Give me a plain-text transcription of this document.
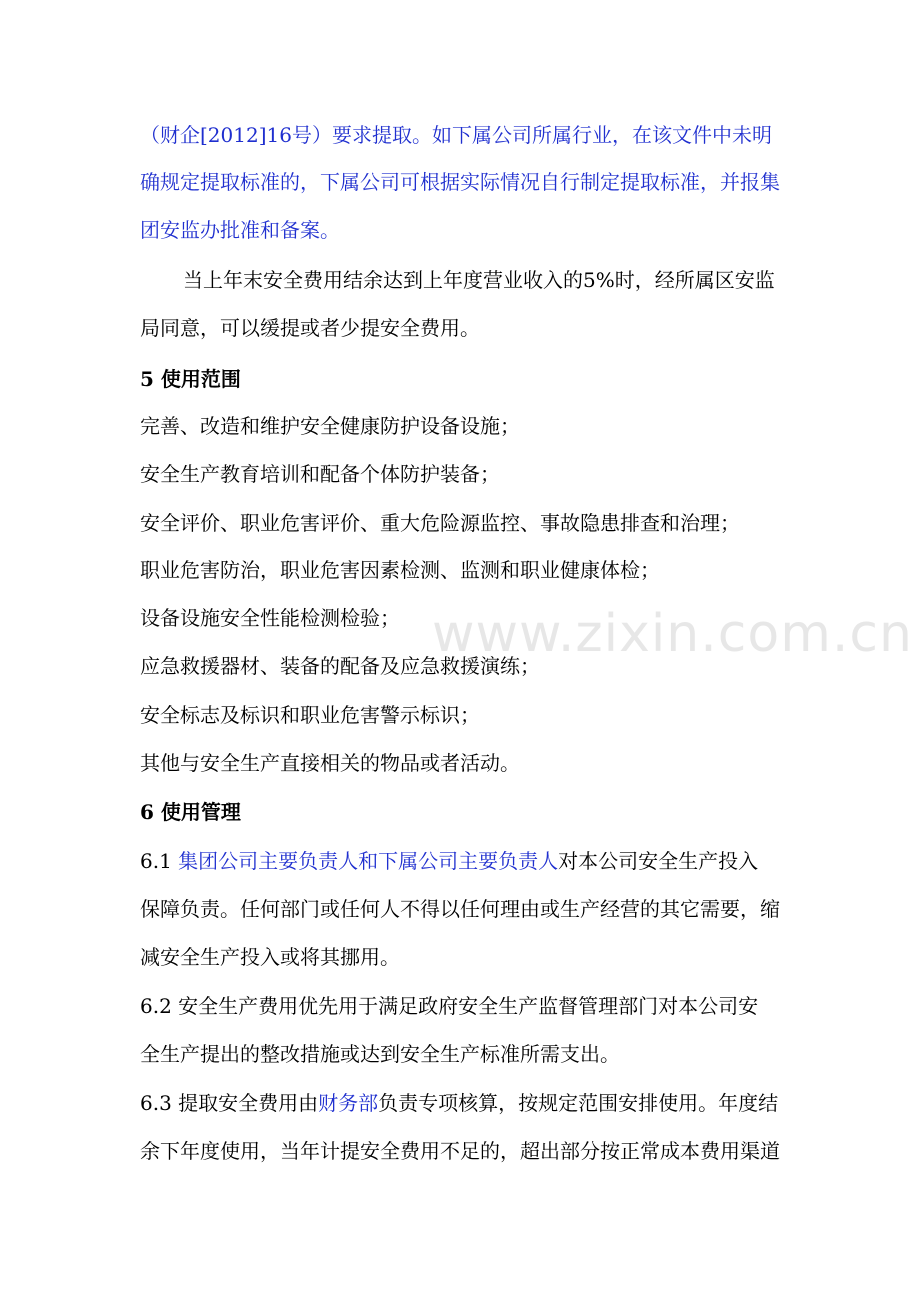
www.zixin.com.cn
（财企[2012]16号）要求提取。如下属公司所属行业，在该文件中未明
确规定提取标准的，下属公司可根据实际情况自行制定提取标准，并报集
团安监办批准和备案。
当上年末安全费用结余达到上年度营业收入的5%时，经所属区安监
局同意，可以缓提或者少提安全费用。
5 使用范围
完善、改造和维护安全健康防护设备设施；
安全生产教育培训和配备个体防护装备；
安全评价、职业危害评价、重大危险源监控、事故隐患排查和治理；
职业危害防治，职业危害因素检测、监测和职业健康体检；
设备设施安全性能检测检验；
应急救援器材、装备的配备及应急救援演练；
安全标志及标识和职业危害警示标识；
其他与安全生产直接相关的物品或者活动。
6 使用管理
6.1 集团公司主要负责人和下属公司主要负责人对本公司安全生产投入
保障负责。任何部门或任何人不得以任何理由或生产经营的其它需要，缩
减安全生产投入或将其挪用。
6.2 安全生产费用优先用于满足政府安全生产监督管理部门对本公司安
全生产提出的整改措施或达到安全生产标准所需支出。
6.3 提取安全费用由财务部负责专项核算，按规定范围安排使用。年度结
余下年度使用，当年计提安全费用不足的，超出部分按正常成本费用渠道
